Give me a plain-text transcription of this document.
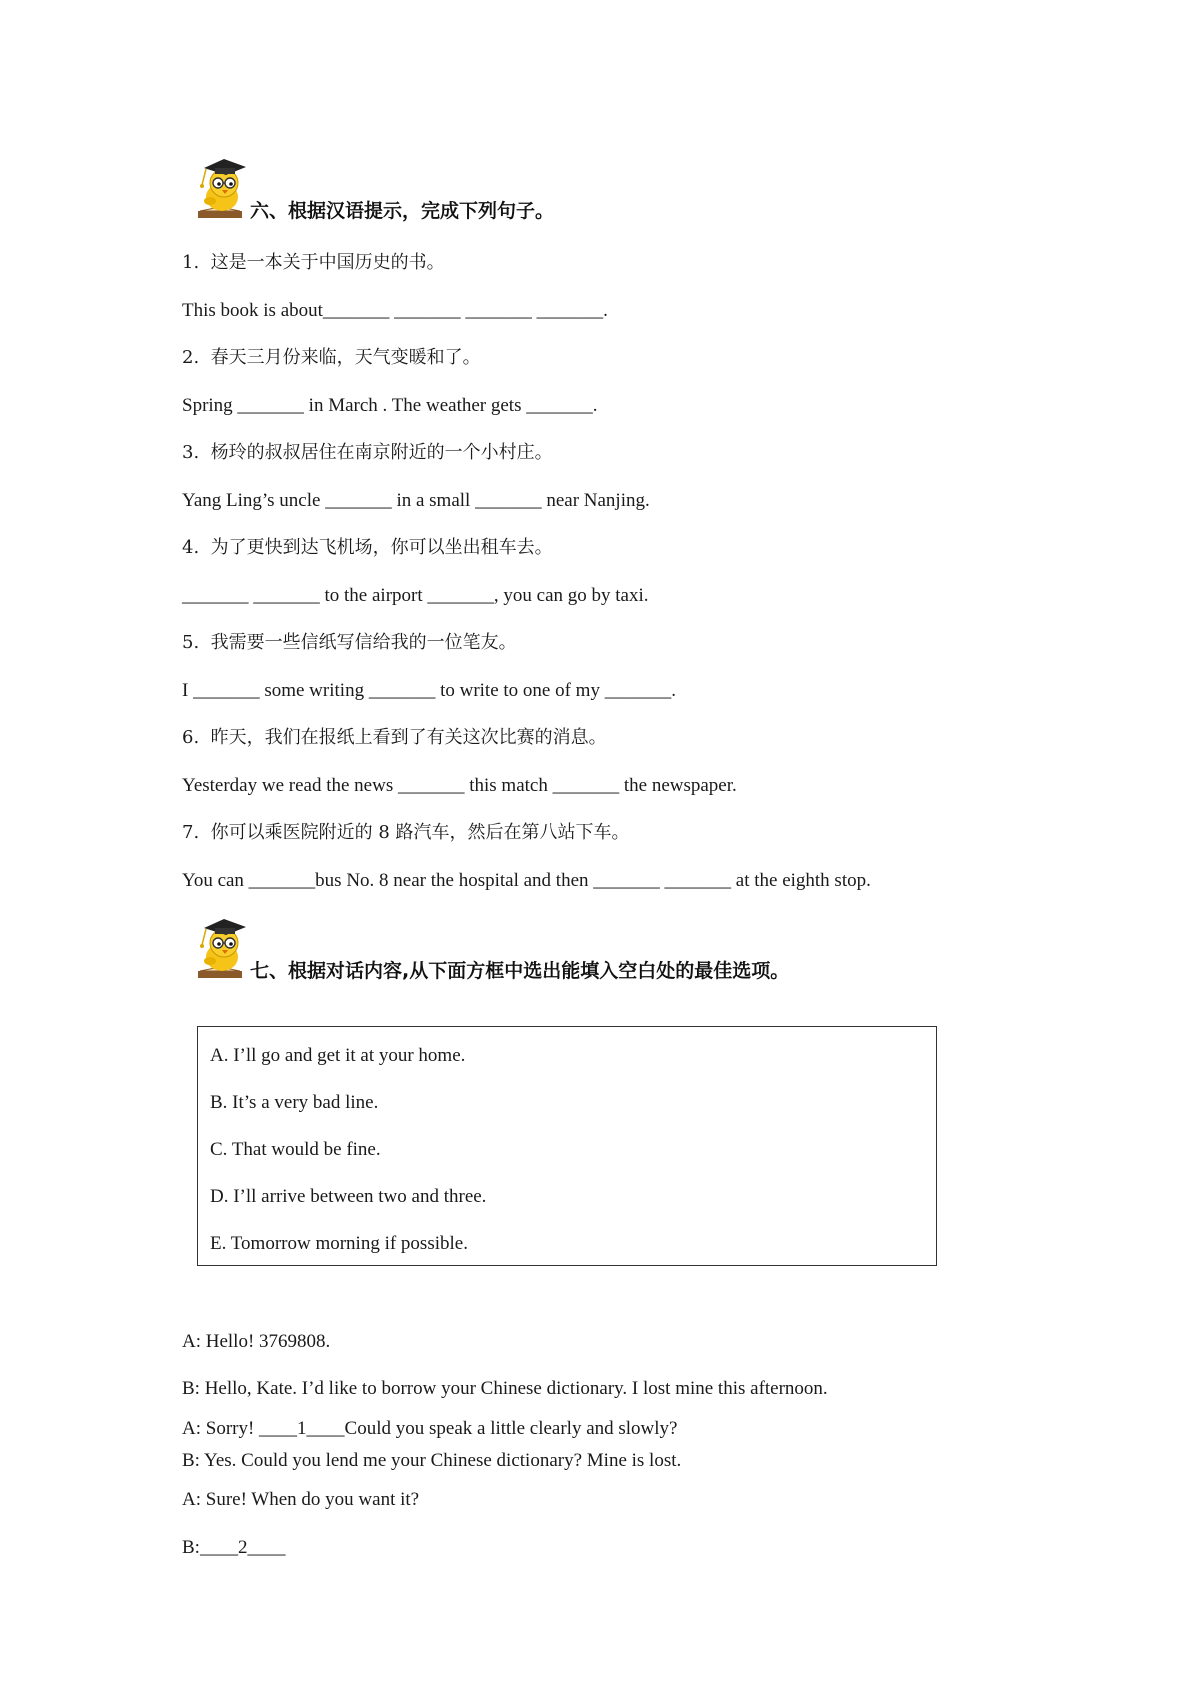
六、根据汉语提示，完成下列句子。
1.  这是一本关于中国历史的书。
This book is about_______ _______ _______ _______.
2.  春天三月份来临，天气变暖和了。
Spring _______ in March . The weather gets _______.
3.  杨玲的叔叔居住在南京附近的一个小村庄。
Yang Ling’s uncle _______ in a small _______ near Nanjing.
4.  为了更快到达飞机场，你可以坐出租车去。
_______ _______ to the airport _______, you can go by taxi.
5.  我需要一些信纸写信给我的一位笔友。
I _______ some writing _______ to write to one of my _______.
6.  昨天，我们在报纸上看到了有关这次比赛的消息。
Yesterday we read the news _______ this match _______ the newspaper.
7.  你可以乘医院附近的 8 路汽车，然后在第八站下车。
You can _______bus No. 8 near the hospital and then _______ _______ at the eighth stop.
七、根据对话内容,从下面方框中选出能填入空白处的最佳选项。
A. I’ll go and get it at your home.
B. It’s a very bad line.
C. That would be fine.
D. I’ll arrive between two and three.
E. Tomorrow morning if possible.
A: Hello! 3769808.
B: Hello, Kate. I’d like to borrow your Chinese dictionary. I lost mine this afternoon.
A: Sorry! ____1____Could you speak a little clearly and slowly?
B: Yes. Could you lend me your Chinese dictionary? Mine is lost.
A: Sure! When do you want it?
B:____2____
